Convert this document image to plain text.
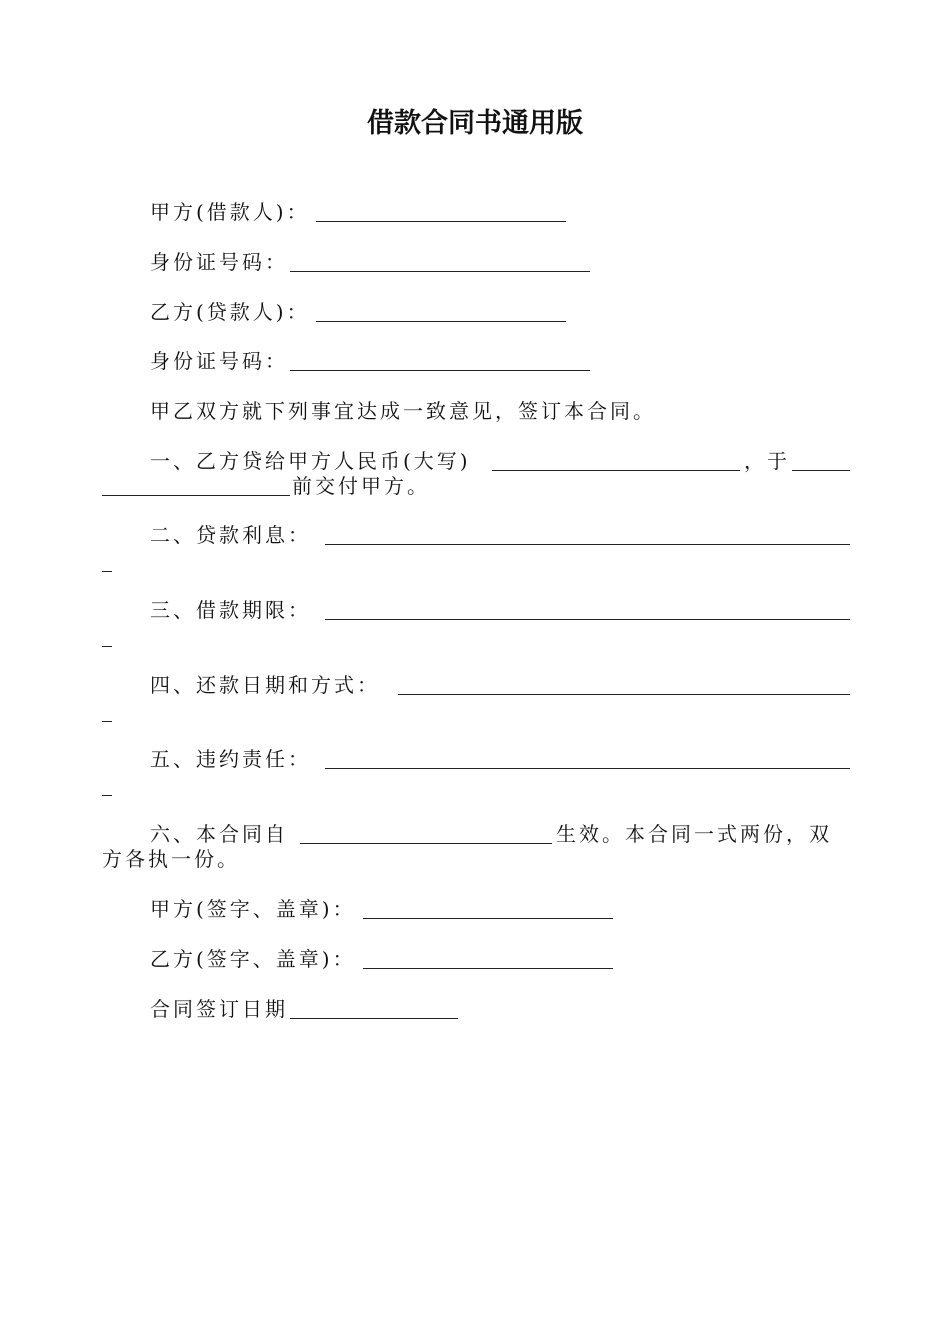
借款合同书通用版
甲方(借款人)：
身份证号码：
乙方(贷款人)：
身份证号码：
甲乙双方就下列事宜达成一致意见，签订本合同。
一、乙方贷给甲方人民币(大写)	，于
前交付甲方。
二、贷款利息：
三、借款期限：
四、还款日期和方式：
五、违约责任：
六、本合同自	生效。本合同一式两份，双
方各执一份。
甲方(签字、盖章)：
乙方(签字、盖章)：
合同签订日期
